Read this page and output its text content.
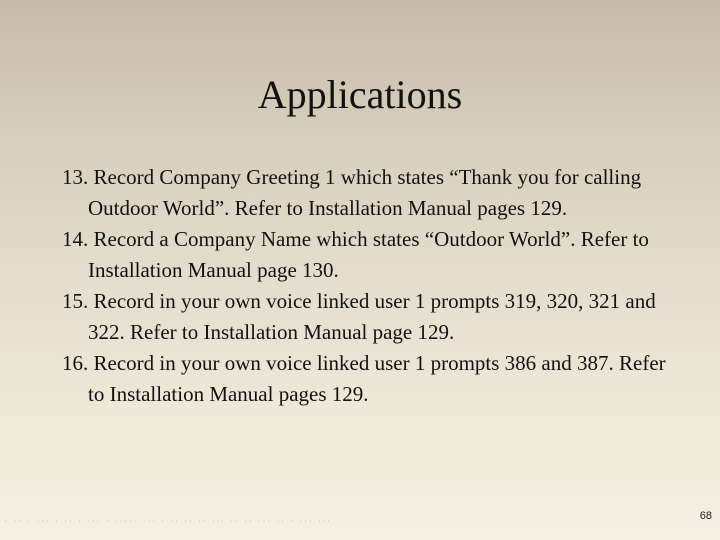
Applications
13. Record Company Greeting 1 which states “Thank you for calling Outdoor World”. Refer to Installation Manual pages 129.
14. Record a Company Name which states “Outdoor World”. Refer to Installation Manual page 130.
15. Record in your own voice linked user 1 prompts 319, 320, 321 and 322. Refer to Installation Manual page 129.
16. Record in your own voice linked user 1 prompts 386 and 387. Refer to Installation Manual pages 129.
· ·· · ··· · ·· · ··· · ····· ··· · ·· ·· ·· ··· ·· ·· ··· ·· · ··· ···	68
